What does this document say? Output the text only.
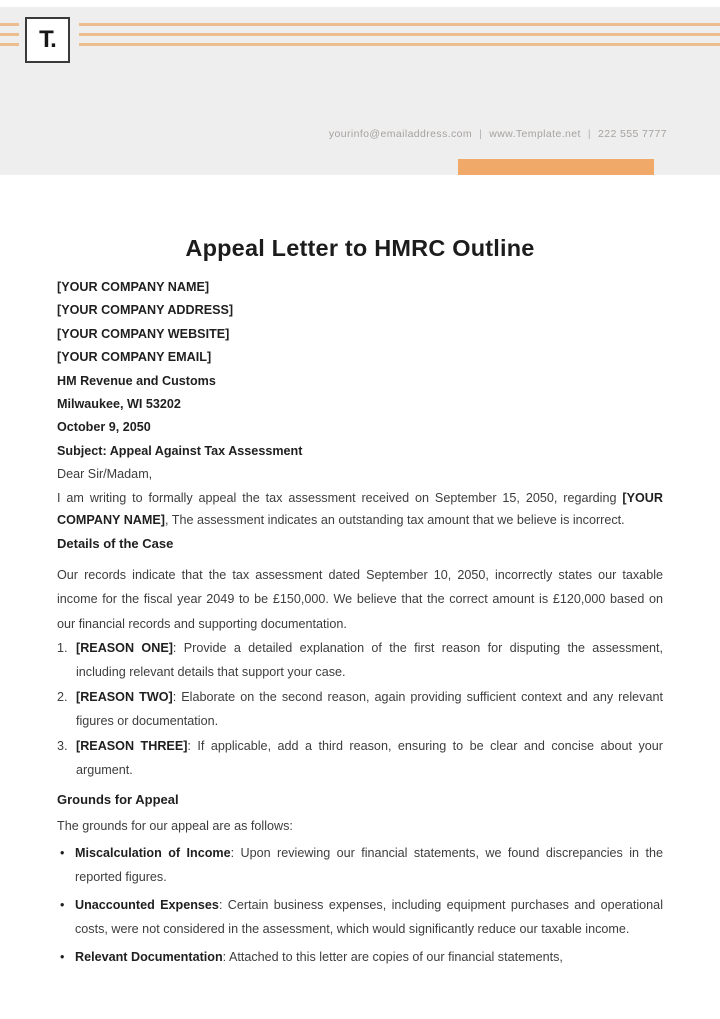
T.
yourinfo@emailaddress.com | www.Template.net | 222 555 7777
Appeal Letter to HMRC Outline
[YOUR COMPANY NAME]
[YOUR COMPANY ADDRESS]
[YOUR COMPANY WEBSITE]
[YOUR COMPANY EMAIL]
HM Revenue and Customs
Milwaukee, WI 53202
October 9, 2050
Subject: Appeal Against Tax Assessment
Dear Sir/Madam,

I am writing to formally appeal the tax assessment received on September 15, 2050, regarding [YOUR COMPANY NAME], The assessment indicates an outstanding tax amount that we believe is incorrect.

Details of the Case

Our records indicate that the tax assessment dated September 10, 2050, incorrectly states our taxable income for the fiscal year 2049 to be £150,000. We believe that the correct amount is £120,000 based on our financial records and supporting documentation.

1. [REASON ONE]: Provide a detailed explanation of the first reason for disputing the assessment, including relevant details that support your case.
2. [REASON TWO]: Elaborate on the second reason, again providing sufficient context and any relevant figures or documentation.
3. [REASON THREE]: If applicable, add a third reason, ensuring to be clear and concise about your argument.
Grounds for Appeal

The grounds for our appeal are as follows:

• Miscalculation of Income: Upon reviewing our financial statements, we found discrepancies in the reported figures.
• Unaccounted Expenses: Certain business expenses, including equipment purchases and operational costs, were not considered in the assessment, which would significantly reduce our taxable income.
• Relevant Documentation: Attached to this letter are copies of our financial statements,
